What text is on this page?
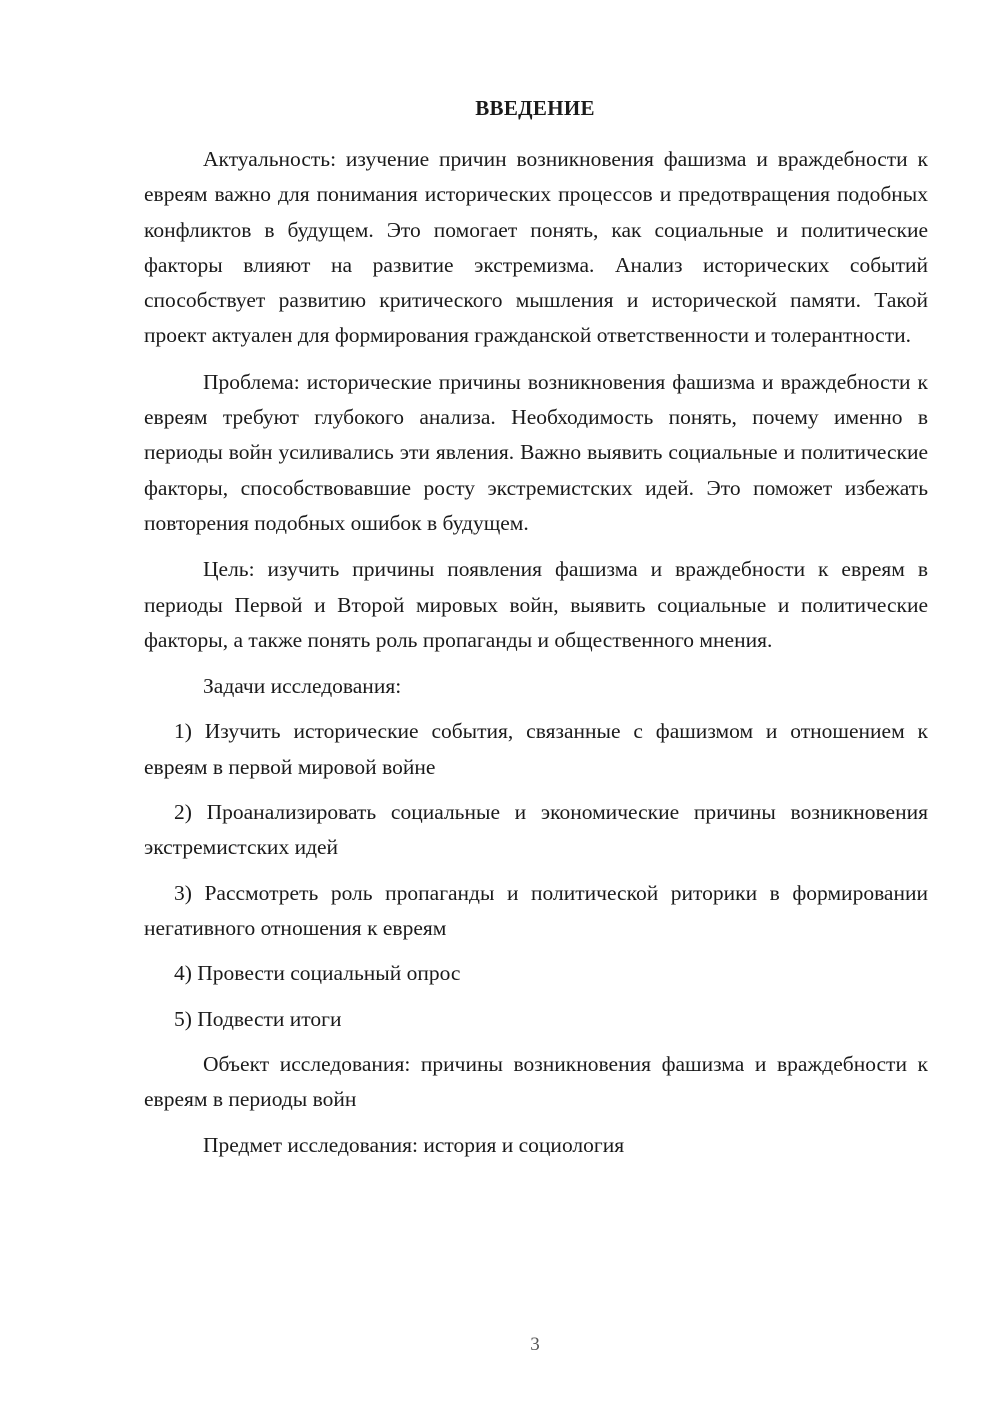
ВВЕДЕНИЕ

Актуальность: изучение причин возникновения фашизма и враждебности к евреям важно для понимания исторических процессов и предотвращения подобных конфликтов в будущем. Это помогает понять, как социальные и политические факторы влияют на развитие экстремизма. Анализ исторических событий способствует развитию критического мышления и исторической памяти. Такой проект актуален для формирования гражданской ответственности и толерантности.

Проблема: исторические причины возникновения фашизма и враждебности к евреям требуют глубокого анализа. Необходимость понять, почему именно в периоды войн усиливались эти явления. Важно выявить социальные и политические факторы, способствовавшие росту экстремистских идей. Это поможет избежать повторения подобных ошибок в будущем.

Цель: изучить причины появления фашизма и враждебности к евреям в периоды Первой и Второй мировых войн, выявить социальные и политические факторы, а также понять роль пропаганды и общественного мнения.

Задачи исследования:

1) Изучить исторические события, связанные с фашизмом и отношением к евреям в первой мировой войне

2) Проанализировать социальные и экономические причины возникновения экстремистских идей

3) Рассмотреть роль пропаганды и политической риторики в формировании негативного отношения к евреям

4) Провести социальный опрос

5) Подвести итоги

Объект исследования: причины возникновения фашизма и враждебности к евреям в периоды войн

Предмет исследования: история и социология

3
